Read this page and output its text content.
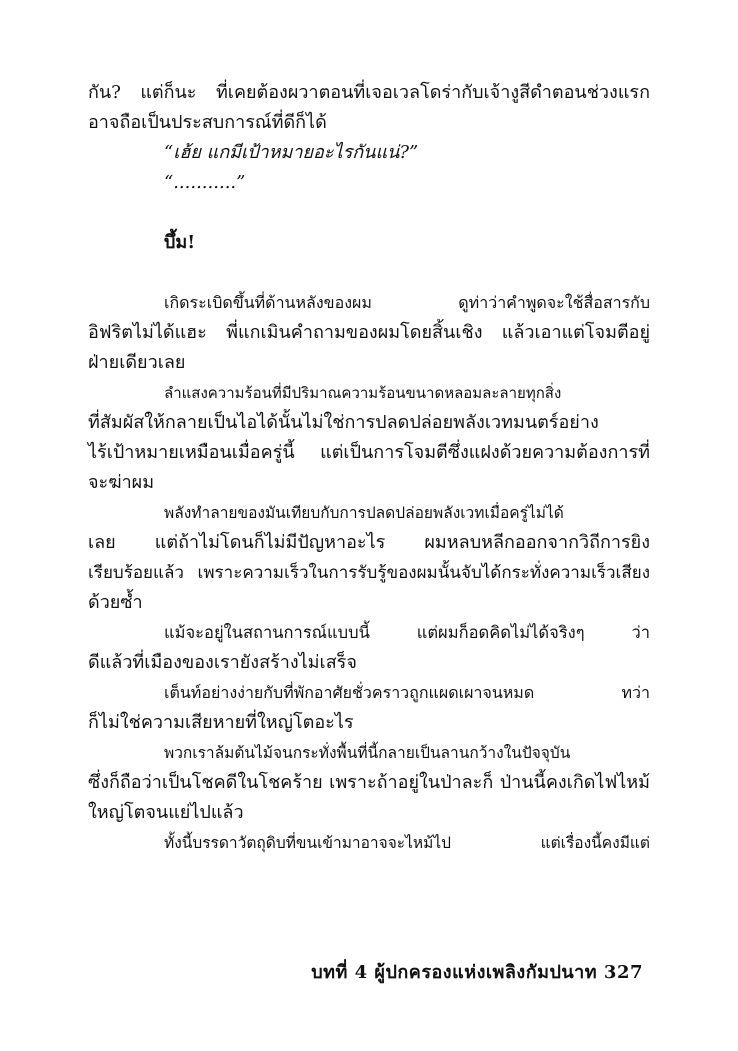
กัน? แต่ก็นะ ที่เคยต้องผวาตอนที่เจอเวลโดร่ากับเจ้างูสีดำตอนช่วงแรก
อาจถือเป็นประสบการณ์ที่ดีก็ได้
“เฮ้ย แกมีเป้าหมายอะไรกันแน่?”
“...........”
บึ้ม!
เกิดระเบิดขึ้นที่ด้านหลังของผม ดูท่าว่าคำพูดจะใช้สื่อสารกับ
อิฟริตไม่ได้แฮะ พี่แกเมินคำถามของผมโดยสิ้นเชิง แล้วเอาแต่โจมตีอยู่
ฝ่ายเดียวเลย
ลำแสงความร้อนที่มีปริมาณความร้อนขนาดหลอมละลายทุกสิ่ง
ที่สัมผัสให้กลายเป็นไอได้นั้นไม่ใช่การปลดปล่อยพลังเวทมนตร์อย่าง
ไร้เป้าหมายเหมือนเมื่อครู่นี้ แต่เป็นการโจมตีซึ่งแฝงด้วยความต้องการที่
จะฆ่าผม
พลังทำลายของมันเทียบกับการปลดปล่อยพลังเวทเมื่อครู่ไม่ได้
เลย แต่ถ้าไม่โดนก็ไม่มีปัญหาอะไร ผมหลบหลีกออกจากวิถีการยิง
เรียบร้อยแล้ว เพราะความเร็วในการรับรู้ของผมนั้นจับได้กระทั่งความเร็วเสียง
ด้วยซ้ำ
แม้จะอยู่ในสถานการณ์แบบนี้ แต่ผมก็อดคิดไม่ได้จริงๆ ว่า
ดีแล้วที่เมืองของเรายังสร้างไม่เสร็จ
เต็นท์อย่างง่ายกับที่พักอาศัยชั่วคราวถูกแผดเผาจนหมด ทว่า
ก็ไม่ใช่ความเสียหายที่ใหญ่โตอะไร
พวกเราล้มต้นไม้จนกระทั่งพื้นที่นี้กลายเป็นลานกว้างในปัจจุบัน
ซึ่งก็ถือว่าเป็นโชคดีในโชคร้าย เพราะถ้าอยู่ในป่าละก็ ป่านนี้คงเกิดไฟไหม้
ใหญ่โตจนแย่ไปแล้ว
ทั้งนี้บรรดาวัตถุดิบที่ขนเข้ามาอาจจะไหม้ไป แต่เรื่องนี้คงมีแต่
บทที่ 4 ผู้ปกครองแห่งเพลิงกัมปนาท 327
